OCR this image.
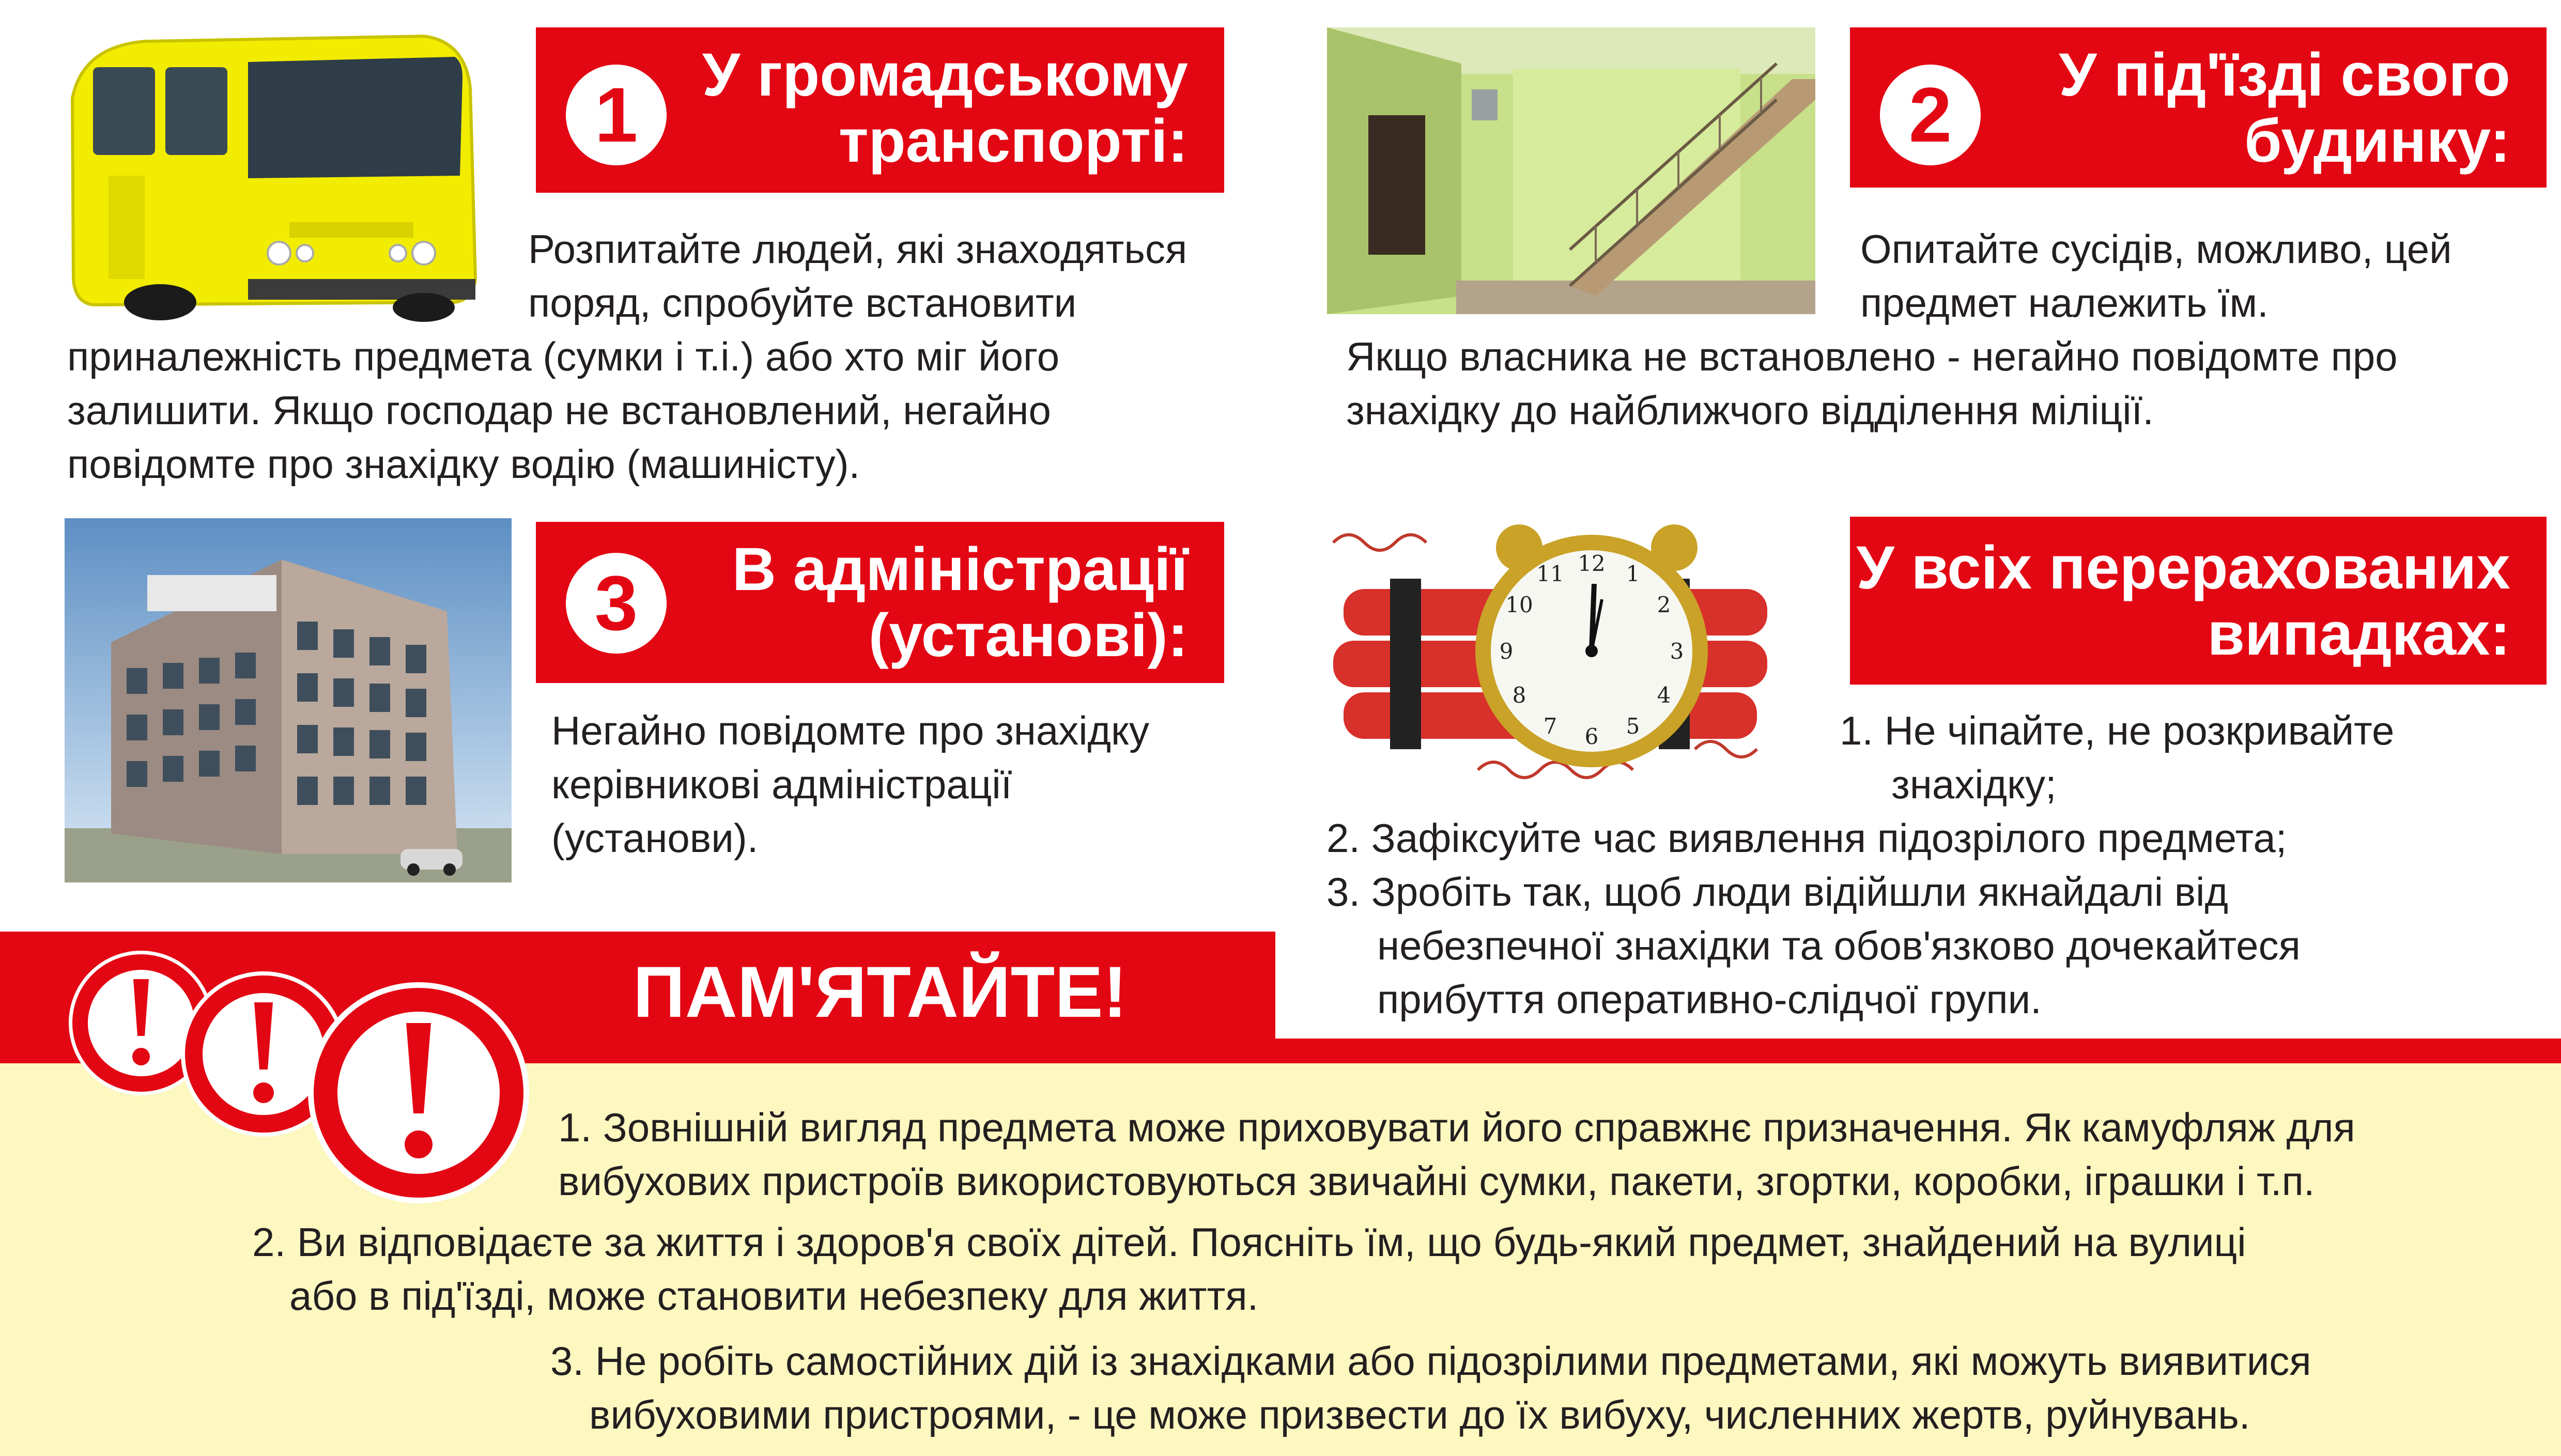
1	У громадському
транспорті:
Розпитайте людей, які знаходяться
поряд, спробуйте встановити
приналежність предмета (сумки і т.і.) або хто міг його
залишити. Якщо господар не встановлений, негайно
повідомте про знахідку водію (машиністу).
2	У під'їзді свого
будинку:
Опитайте сусідів, можливо, цей
предмет належить їм.
Якщо власника не встановлено - негайно повідомте про
знахідку до найближчого відділення міліції.
3	В адміністрації
(установі):
Негайно повідомте про знахідку
керівникові адміністрації
(установи).
12 1
2
3
4
5
6
7
8
9
10
11	У всіх перерахованих
випадках:
1. Не чіпайте, не розкривайте
знахідку;
2. Зафіксуйте час виявлення підозрілого предмета;
3. Зробіть так, щоб люди відійшли якнайдалі від
небезпечної знахідки та обов'язково дочекайтеся
прибуття оперативно-слідчої групи.
ПАМ'ЯТАЙТЕ!
1. Зовнішній вигляд предмета може приховувати його справжнє призначення. Як камуфляж для
вибухових пристроїв використовуються звичайні сумки, пакети, згортки, коробки, іграшки і т.п.
2. Ви відповідаєте за життя і здоров'я своїх дітей. Поясніть їм, що будь-який предмет, знайдений на вулиці
або в під'їзді, може становити небезпеку для життя.
3. Не робіть самостійних дій із знахідками або підозрілими предметами, які можуть виявитися
вибуховими пристроями, - це може призвести до їх вибуху, численних жертв, руйнувань.
